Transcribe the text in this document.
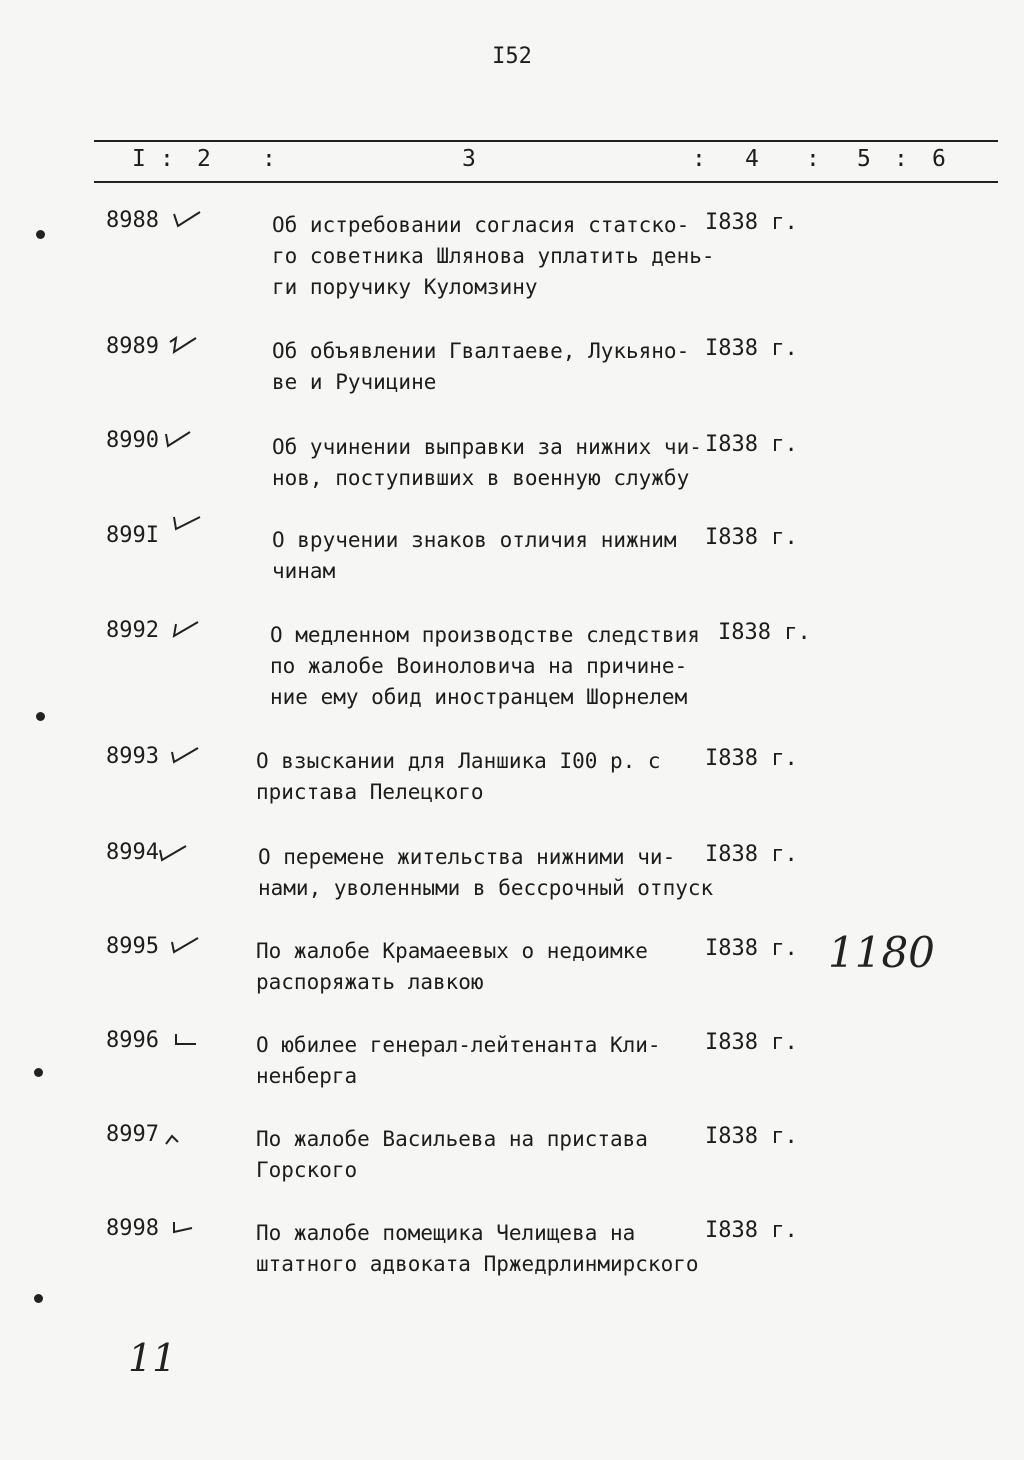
I52
I : 2 :	3	: 4 : 5 : 6
8988	Об истребовании согласия статско-
го советника Шлянова уплатить день-
ги поручику Куломзину
I838 г.
8989	Об объявлении Гвалтаеве, Лукьяно-
ве и Ручицине
I838 г.
8990	Об учинении выправки за нижних чи-
нов, поступивших в военную службу
I838 г.
899I	О вручении знаков отличия нижним
чинам
I838 г.
8992	О медленном производстве следствия
по жалобе Воиноловича на причине-
ние ему обид иностранцем Шорнелем
I838 г.
8993	О взыскании для Ланшика I00 р. с
пристава Пелецкого
I838 г.
8994	О перемене жительства нижними чи-
нами, уволенными в бессрочный отпуск
I838 г.
8995	По жалобе Крамаеевых о недоимке
распоряжать лавкою
I838 г.
8996	О юбилее генерал-лейтенанта Кли-
ненберга
I838 г.
8997	По жалобе Васильева на пристава
Горского
I838 г.
8998	По жалобе помещика Челищева на
штатного адвоката Пржедрлинмирского
I838 г.
1180
11
